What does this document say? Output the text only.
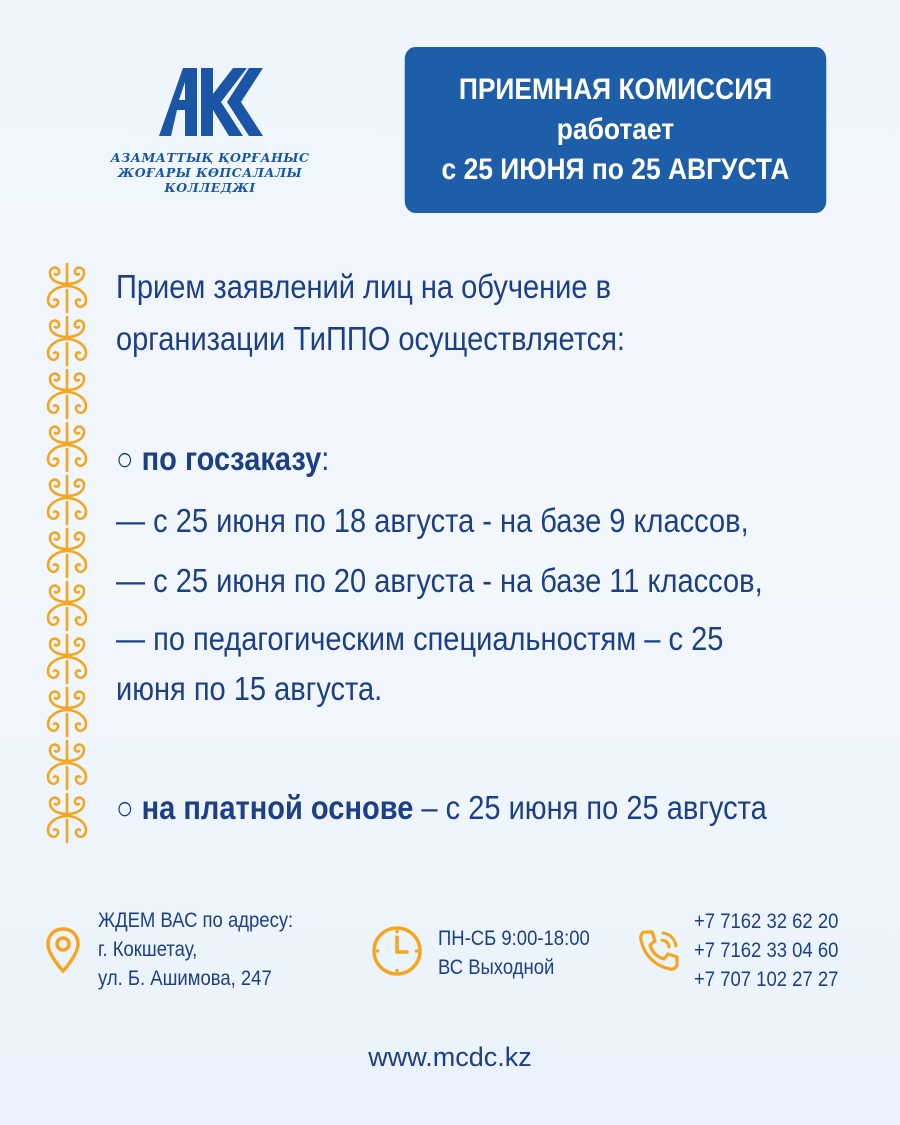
АЗАМАТТЫҚ ҚОРҒАНЫС
ЖОҒАРЫ КӨПСАЛАЛЫ
КОЛЛЕДЖІ
ПРИЕМНАЯ КОМИССИЯ
работает
с 25 ИЮНЯ по 25 АВГУСТА
Прием заявлений лиц на обучение в
организации ТиППО осуществляется:
○ по госзаказу:
— с 25 июня по 18 августа - на базе 9 классов,
— с 25 июня по 20 августа - на базе 11 классов,
— по педагогическим специальностям – с 25
июня по 15 августа.
○ на платной основе – с 25 июня по 25 августа
ЖДЕМ ВАС по адресу:
г. Кокшетау,
ул. Б. Ашимова, 247
ПН-СБ 9:00-18:00
ВС Выходной
+7 7162 32 62 20
+7 7162 33 04 60
+7 707 102 27 27
www.mcdc.kz
